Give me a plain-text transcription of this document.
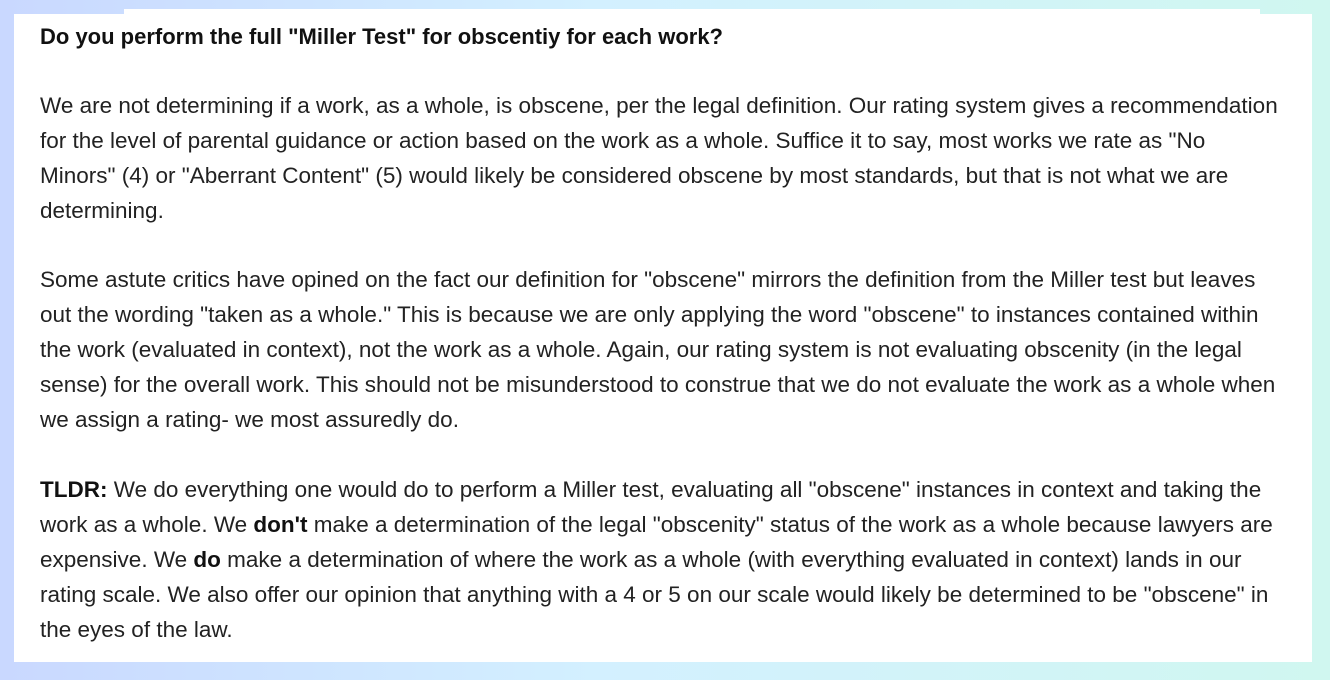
Do you perform the full "Miller Test" for obscentiy for each work?

We are not determining if a work, as a whole, is obscene, per the legal definition. Our rating system gives a recommendation for the level of parental guidance or action based on the work as a whole. Suffice it to say, most works we rate as "No Minors" (4) or "Aberrant Content" (5) would likely be considered obscene by most standards, but that is not what we are determining.

Some astute critics have opined on the fact our definition for "obscene" mirrors the definition from the Miller test but leaves out the wording "taken as a whole." This is because we are only applying the word "obscene" to instances contained within the work (evaluated in context), not the work as a whole. Again, our rating system is not evaluating obscenity (in the legal sense) for the overall work. This should not be misunderstood to construe that we do not evaluate the work as a whole when we assign a rating- we most assuredly do.

TLDR: We do everything one would do to perform a Miller test, evaluating all "obscene" instances in context and taking the work as a whole. We don't make a determination of the legal "obscenity" status of the work as a whole because lawyers are expensive. We do make a determination of where the work as a whole (with everything evaluated in context) lands in our rating scale. We also offer our opinion that anything with a 4 or 5 on our scale would likely be determined to be "obscene" in the eyes of the law.
